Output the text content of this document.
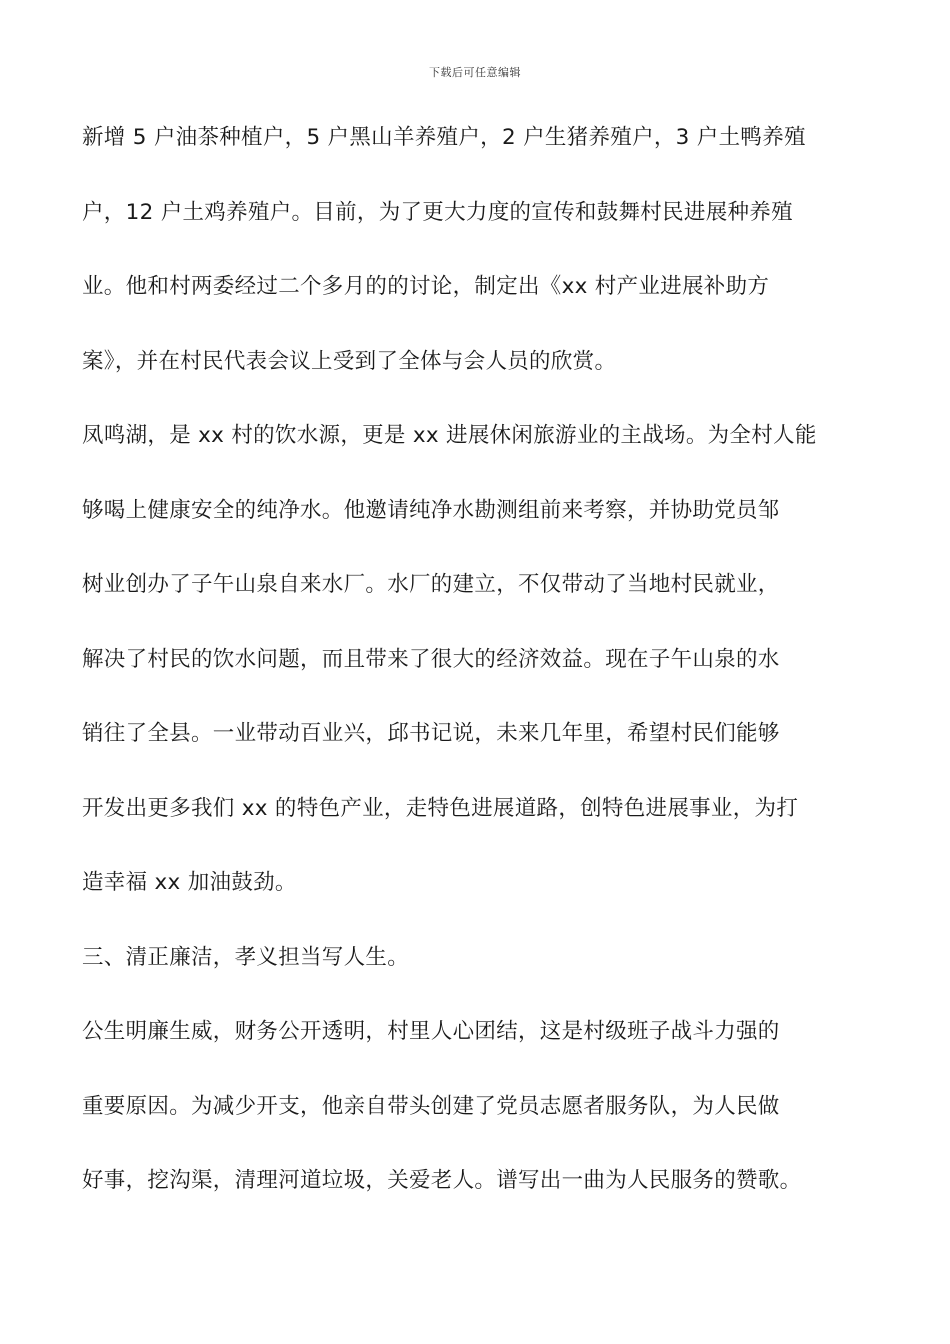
下载后可任意编辑
新增 5 户油茶种植户，5 户黑山羊养殖户，2 户生猪养殖户，3 户土鸭养殖
户，12 户土鸡养殖户。目前，为了更大力度的宣传和鼓舞村民进展种养殖
业。他和村两委经过二个多月的的讨论，制定出《xx 村产业进展补助方
案》，并在村民代表会议上受到了全体与会人员的欣赏。
凤鸣湖，是 xx 村的饮水源，更是 xx 进展休闲旅游业的主战场。为全村人能
够喝上健康安全的纯净水。他邀请纯净水勘测组前来考察，并协助党员邹
树业创办了子午山泉自来水厂。水厂的建立，不仅带动了当地村民就业，
解决了村民的饮水问题，而且带来了很大的经济效益。现在子午山泉的水
销往了全县。一业带动百业兴，邱书记说，未来几年里，希望村民们能够
开发出更多我们 xx 的特色产业，走特色进展道路，创特色进展事业，为打
造幸福 xx 加油鼓劲。
三、清正廉洁，孝义担当写人生。
公生明廉生威，财务公开透明，村里人心团结，这是村级班子战斗力强的
重要原因。为减少开支，他亲自带头创建了党员志愿者服务队，为人民做
好事，挖沟渠，清理河道垃圾，关爱老人。谱写出一曲为人民服务的赞歌。
